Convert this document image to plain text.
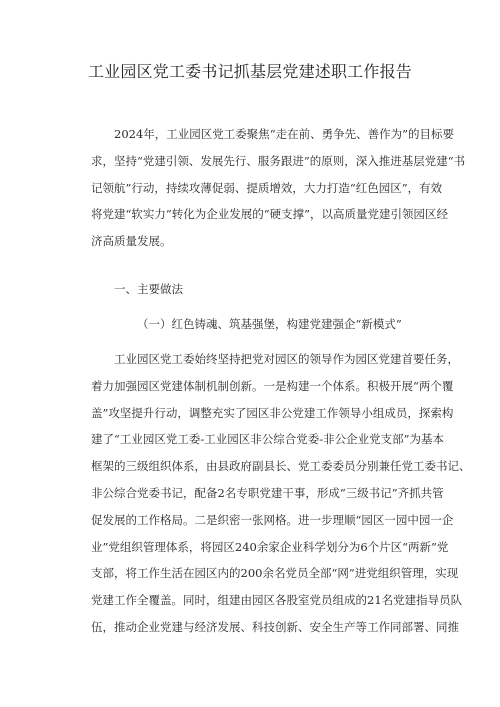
工业园区党工委书记抓基层党建述职工作报告
2024年，工业园区党工委聚焦“走在前、勇争先、善作为”的目标要
求，坚持“党建引领、发展先行、服务跟进”的原则，深入推进基层党建“书
记领航”行动，持续攻薄促弱、提质增效，大力打造“红色园区”，有效
将党建“软实力”转化为企业发展的“硬支撑”，以高质量党建引领园区经
济高质量发展。
一、主要做法
（一）红色铸魂、筑基强堡，构建党建强企“新模式”
工业园区党工委始终坚持把党对园区的领导作为园区党建首要任务，
着力加强园区党建体制机制创新。一是构建一个体系。积极开展“两个覆
盖”攻坚提升行动，调整充实了园区非公党建工作领导小组成员，探索构
建了“工业园区党工委-工业园区非公综合党委-非公企业党支部”为基本
框架的三级组织体系，由县政府副县长、党工委委员分别兼任党工委书记、
非公综合党委书记，配备2名专职党建干事，形成“三级书记”齐抓共管
促发展的工作格局。二是织密一张网格。进一步理顺“园区一园中园一企
业”党组织管理体系，将园区240余家企业科学划分为6个片区“两新”党
支部，将工作生活在园区内的200余名党员全部“网”进党组织管理，实现
党建工作全覆盖。同时，组建由园区各股室党员组成的21名党建指导员队
伍，推动企业党建与经济发展、科技创新、安全生产等工作同部署、同推
